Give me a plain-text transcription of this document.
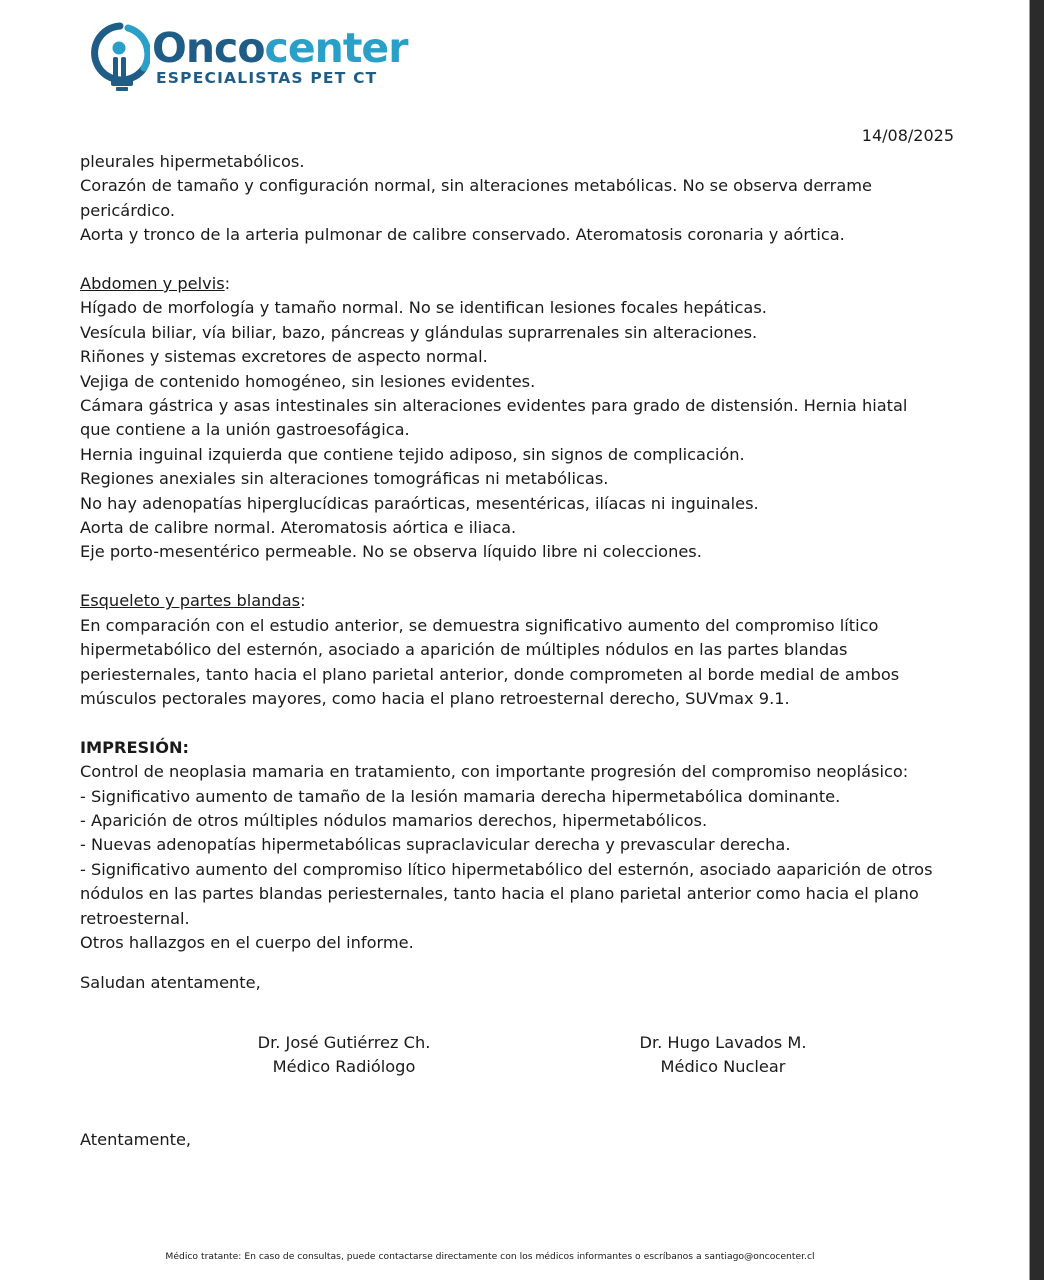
Oncocenter
ESPECIALISTAS PET CT
14/08/2025

pleurales hipermetabólicos.

Corazón de tamaño y configuración normal, sin alteraciones metabólicas. No se observa derrame

pericárdico.

Aorta y tronco de la arteria pulmonar de calibre conservado. Ateromatosis coronaria y aórtica.

Abdomen y pelvis:

Hígado de morfología y tamaño normal. No se identifican lesiones focales hepáticas.

Vesícula biliar, vía biliar, bazo, páncreas y glándulas suprarrenales sin alteraciones.

Riñones y sistemas excretores de aspecto normal.

Vejiga de contenido homogéneo, sin lesiones evidentes.

Cámara gástrica y asas intestinales sin alteraciones evidentes para grado de distensión. Hernia hiatal

que contiene a la unión gastroesofágica.

Hernia inguinal izquierda que contiene tejido adiposo, sin signos de complicación.

Regiones anexiales sin alteraciones tomográficas ni metabólicas.

No hay adenopatías hiperglucídicas paraórticas, mesentéricas, ilíacas ni inguinales.

Aorta de calibre normal. Ateromatosis aórtica e iliaca.

Eje porto-mesentérico permeable. No se observa líquido libre ni colecciones.

Esqueleto y partes blandas:

En comparación con el estudio anterior, se demuestra significativo aumento del compromiso lítico

hipermetabólico del esternón, asociado a aparición de múltiples nódulos en las partes blandas

periesternales, tanto hacia el plano parietal anterior, donde comprometen al borde medial de ambos

músculos pectorales mayores, como hacia el plano retroesternal derecho, SUVmax 9.1.

IMPRESIÓN:

Control de neoplasia mamaria en tratamiento, con importante progresión del compromiso neoplásico:

- Significativo aumento de tamaño de la lesión mamaria derecha hipermetabólica dominante.

- Aparición de otros múltiples nódulos mamarios derechos, hipermetabólicos.

- Nuevas adenopatías hipermetabólicas supraclavicular derecha y prevascular derecha.

- Significativo aumento del compromiso lítico hipermetabólico del esternón, asociado aaparición de otros

nódulos en las partes blandas periesternales, tanto hacia el plano parietal anterior como hacia el plano

retroesternal.

Otros hallazgos en el cuerpo del informe.

Saludan atentamente,

Dr. José Gutiérrez Ch.
Médico Radiólogo
Dr. Hugo Lavados M.
Médico Nuclear
Atentamente,
Médico tratante: En caso de consultas, puede contactarse directamente con los médicos informantes o escríbanos a santiago@oncocenter.cl
